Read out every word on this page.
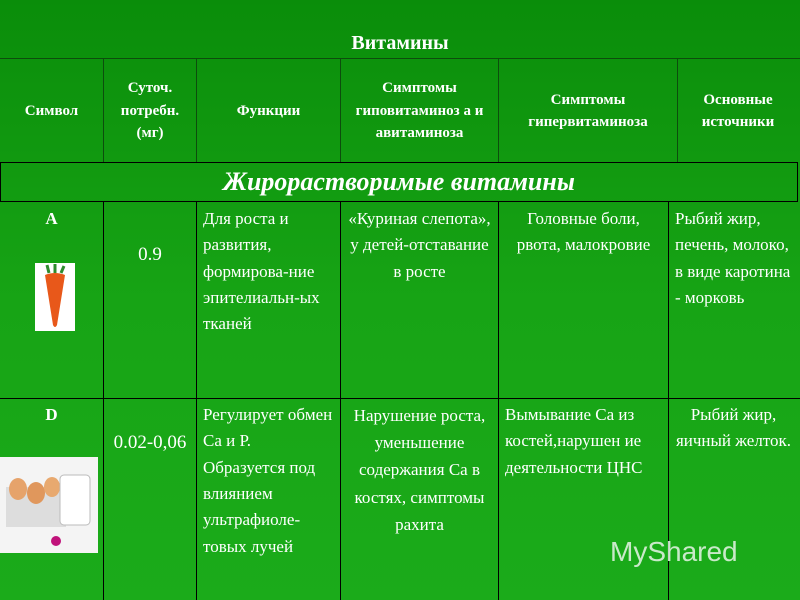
Витамины
Символ
Суточ. потребн. (мг)
Функции
Симптомы гиповитаминоз а и авитаминоза
Симптомы гипервитаминоза
Основные источники
Жирорастворимые витамины
А
0.9
Для роста и развития, формирова-ние эпителиальн-ых тканей
«Куриная слепота», у детей-отставание в росте
Головные боли, рвота, малокровие
Рыбий жир, печень, молоко, в виде каротина - морковь
D
0.02-0,06
Регулирует обмен Са и Р. Образуется под влиянием ультрафиоле-товых лучей
Нарушение роста, уменьшение содержания Са в костях, симптомы рахита
Вымывание Са из костей,нарушен ие деятельности ЦНС
Рыбий жир, яичный желток.
MyShared
